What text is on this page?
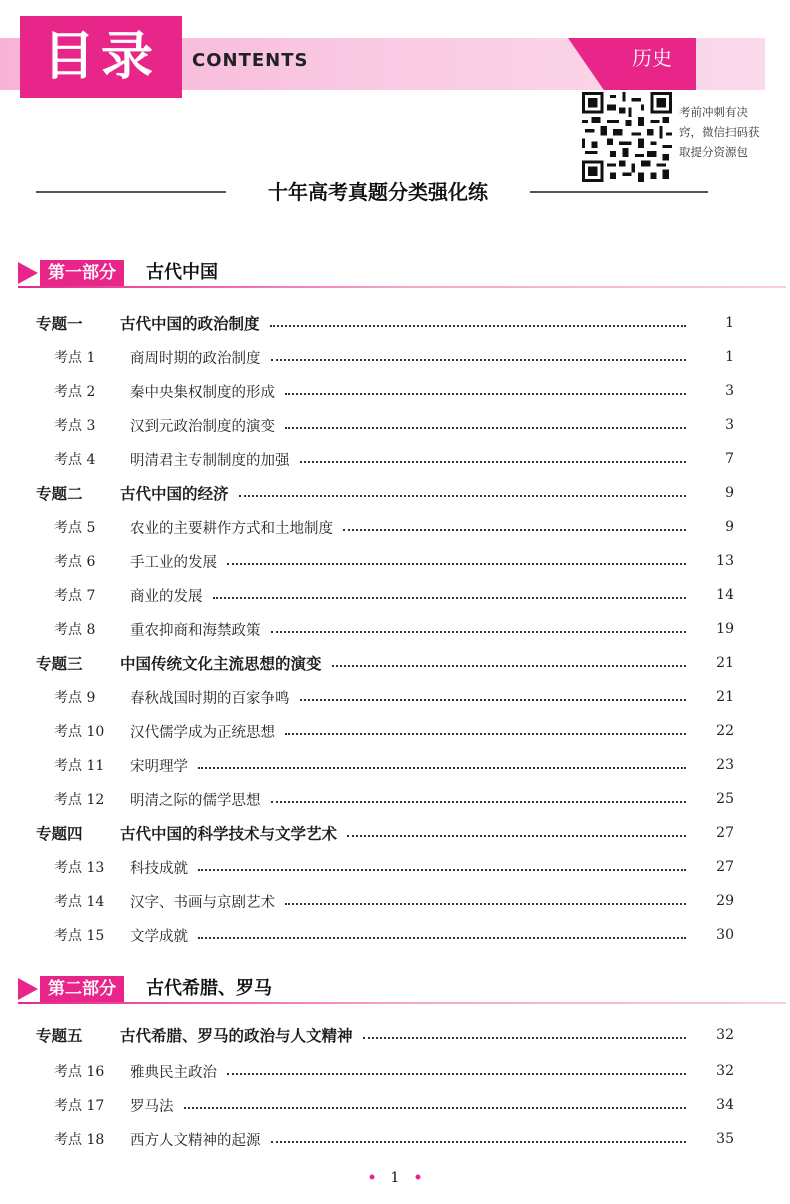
目录	CONTENTS	历史
考前冲刺有决
窍，微信扫码获
取提分资源包
十年高考真题分类强化练
第一部分	古代中国
专题一	古代中国的政治制度	1
考点 1	商周时期的政治制度	1
考点 2	秦中央集权制度的形成	3
考点 3	汉到元政治制度的演变	3
考点 4	明清君主专制制度的加强	7
专题二	古代中国的经济	9
考点 5	农业的主要耕作方式和土地制度	9
考点 6	手工业的发展	13
考点 7	商业的发展	14
考点 8	重农抑商和海禁政策	19
专题三	中国传统文化主流思想的演变	21
考点 9	春秋战国时期的百家争鸣	21
考点 10	汉代儒学成为正统思想	22
考点 11	宋明理学	23
考点 12	明清之际的儒学思想	25
专题四	古代中国的科学技术与文学艺术	27
考点 13	科技成就	27
考点 14	汉字、书画与京剧艺术	29
考点 15	文学成就	30
第二部分	古代希腊、罗马
专题五	古代希腊、罗马的政治与人文精神	32
考点 16	雅典民主政治	32
考点 17	罗马法	34
考点 18	西方人文精神的起源	35
• 1 •
